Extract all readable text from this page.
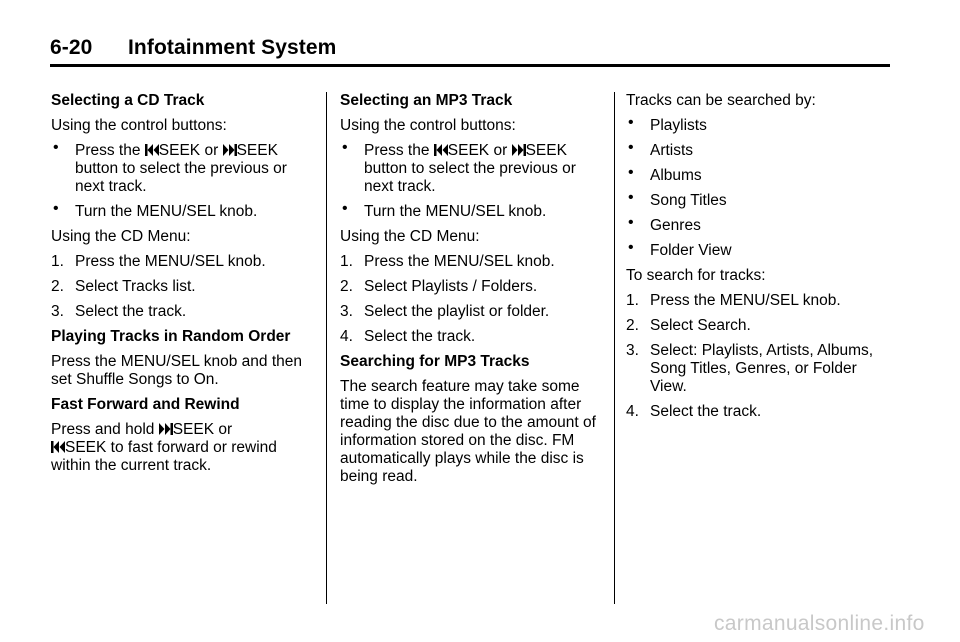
6-20 Infotainment System
Selecting a CD Track

Using the control buttons:

• Press the SEEK or SEEK button to select the previous or next track.
• Turn the MENU/SEL knob.

Using the CD Menu:

1. Press the MENU/SEL knob.
2. Select Tracks list.
3. Select the track.
Playing Tracks in Random Order

Press the MENU/SEL knob and then set Shuffle Songs to On.

Fast Forward and Rewind

Press and hold SEEK or
SEEK to fast forward or rewind within the current track.

Selecting an MP3 Track

Using the control buttons:

• Press the SEEK or SEEK button to select the previous or next track.
• Turn the MENU/SEL knob.

Using the CD Menu:

1. Press the MENU/SEL knob.
2. Select Playlists / Folders.
3. Select the playlist or folder.
4. Select the track.
Searching for MP3 Tracks

The search feature may take some time to display the information after reading the disc due to the amount of information stored on the disc. FM automatically plays while the disc is being read.

Tracks can be searched by:

• Playlists
• Artists
• Albums
• Song Titles
• Genres
• Folder View

To search for tracks:

1. Press the MENU/SEL knob.
2. Select Search.
3. Select: Playlists, Artists, Albums, Song Titles, Genres, or Folder View.
4. Select the track.
carmanualsonline.info
